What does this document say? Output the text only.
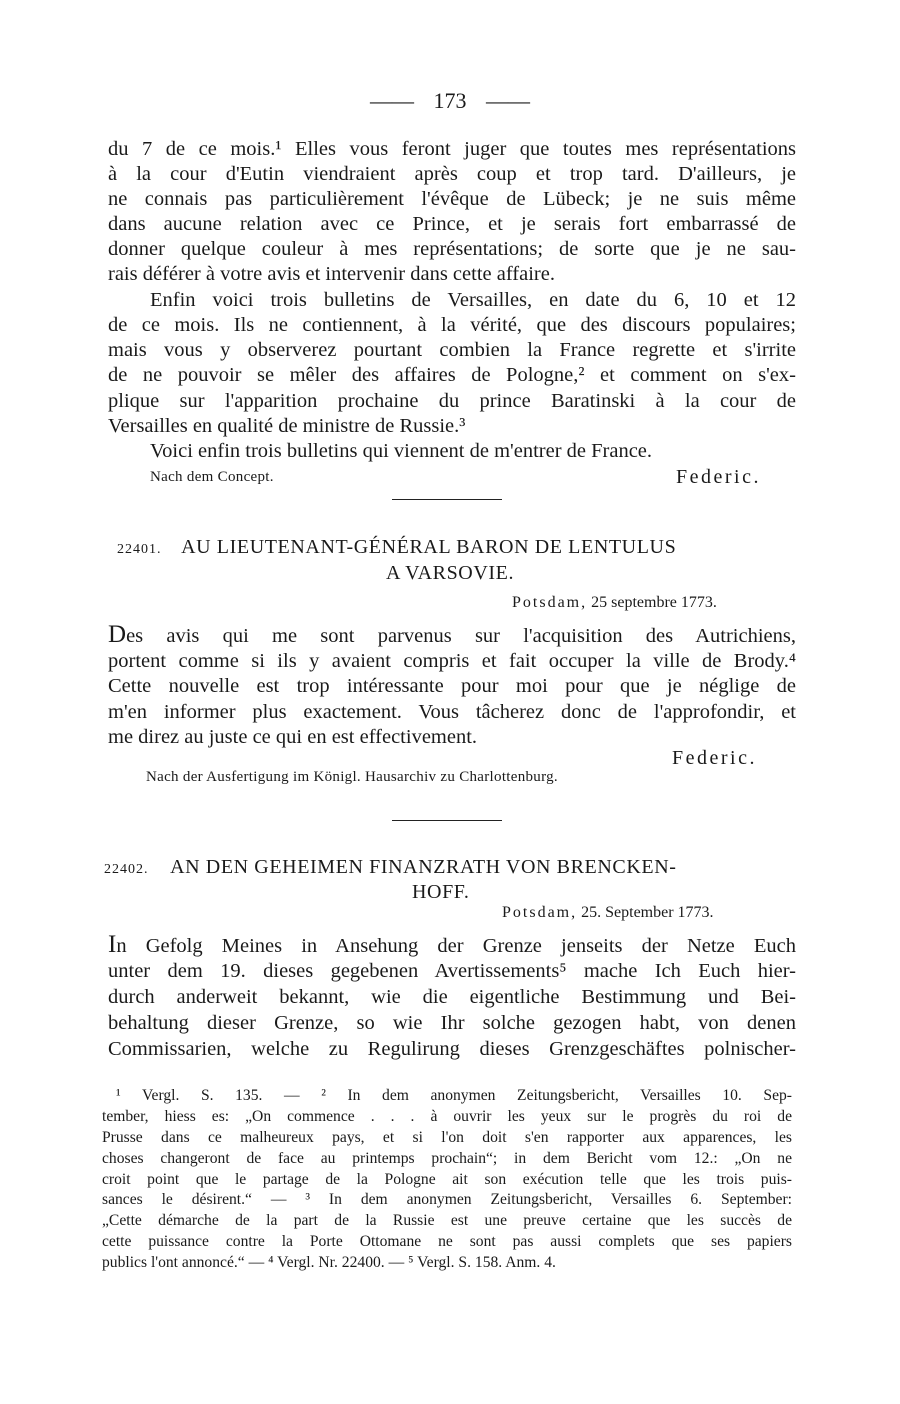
—— 173 ——
du 7 de ce mois.¹ Elles vous feront juger que toutes mes représentations
à la cour d'Eutin viendraient après coup et trop tard. D'ailleurs, je
ne connais pas particulièrement l'évêque de Lübeck; je ne suis même
dans aucune relation avec ce Prince, et je serais fort embarrassé de
donner quelque couleur à mes représentations; de sorte que je ne sau-
rais déférer à votre avis et intervenir dans cette affaire.
Enfin voici trois bulletins de Versailles, en date du 6, 10 et 12
de ce mois. Ils ne contiennent, à la vérité, que des discours populaires;
mais vous y observerez pourtant combien la France regrette et s'irrite
de ne pouvoir se mêler des affaires de Pologne,² et comment on s'ex-
plique sur l'apparition prochaine du prince Baratinski à la cour de
Versailles en qualité de ministre de Russie.³
Voici enfin trois bulletins qui viennent de m'entrer de France.
Nach dem Concept.	Federic.
22401. AU LIEUTENANT-GÉNÉRAL BARON DE LENTULUS
A VARSOVIE.
Potsdam, 25 septembre 1773.
Des avis qui me sont parvenus sur l'acquisition des Autrichiens,
portent comme si ils y avaient compris et fait occuper la ville de Brody.⁴
Cette nouvelle est trop intéressante pour moi pour que je néglige de
m'en informer plus exactement. Vous tâcherez donc de l'approfondir, et
me direz au juste ce qui en est effectivement.
Federic.
Nach der Ausfertigung im Königl. Hausarchiv zu Charlottenburg.
22402. AN DEN GEHEIMEN FINANZRATH VON BRENCKEN-
HOFF.
Potsdam, 25. September 1773.
In Gefolg Meines in Ansehung der Grenze jenseits der Netze Euch
unter dem 19. dieses gegebenen Avertissements⁵ mache Ich Euch hier-
durch anderweit bekannt, wie die eigentliche Bestimmung und Bei-
behaltung dieser Grenze, so wie Ihr solche gezogen habt, von denen
Commissarien, welche zu Regulirung dieses Grenzgeschäftes polnischer-
¹ Vergl. S. 135. — ² In dem anonymen Zeitungsbericht, Versailles 10. Sep-
tember, hiess es: „On commence . . . à ouvrir les yeux sur le progrès du roi de
Prusse dans ce malheureux pays, et si l'on doit s'en rapporter aux apparences, les
choses changeront de face au printemps prochain“; in dem Bericht vom 12.: „On ne
croit point que le partage de la Pologne ait son exécution telle que les trois puis-
sances le désirent.“ — ³ In dem anonymen Zeitungsbericht, Versailles 6. September:
„Cette démarche de la part de la Russie est une preuve certaine que les succès de
cette puissance contre la Porte Ottomane ne sont pas aussi complets que ses papiers
publics l'ont annoncé.“ — ⁴ Vergl. Nr. 22400. — ⁵ Vergl. S. 158. Anm. 4.
